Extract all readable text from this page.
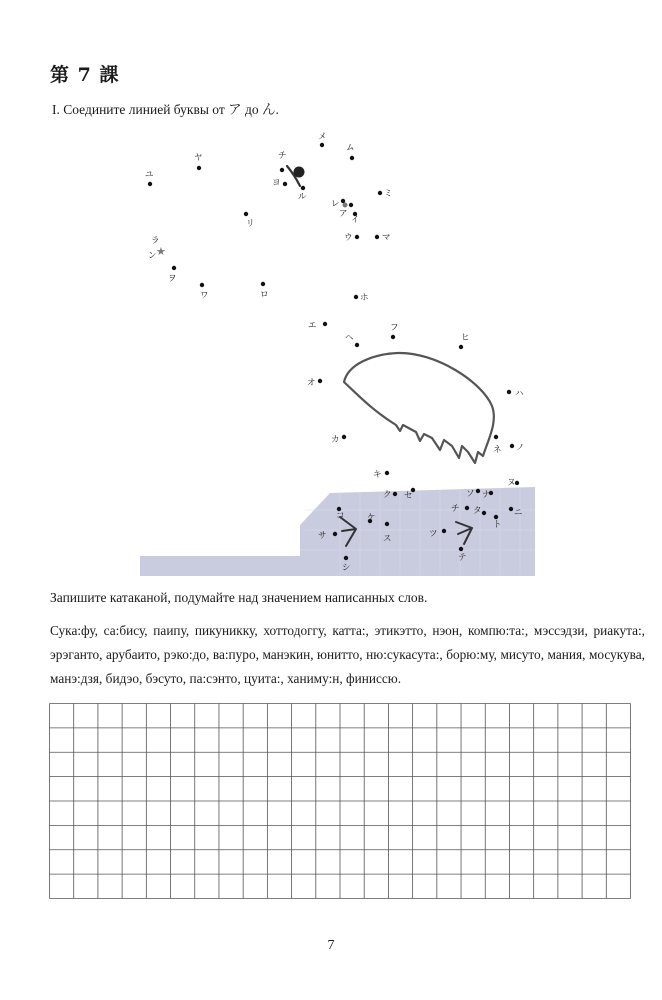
第 7 課
I. Соедините линией буквы от ア до ん.
★
メ
ム
ユ
ヤ	チ
ヨ
ル	ミ
レ
ア
イ
リ
ウ	マ
ラ
ン
ヲ
ワ	ロ	ホ
エ	フ
ヘ	ヒ
オ
ハ
カ
ネ ノ
キ
ヌ
ク セ	ソ ナ
チ タ
ト
ニ
コ	ケ
ス	ツ
テ
サ
シ
Запишите катаканой, подумайте над значением написанных слов.
Сука:фу, са:бису, паипу, пикуникку, хоттодоггу, катта:, этикэтто, нэон, компю:та:, мэссэдзи, риакута:, эрэганто, арубаито, рэко:до, ва:пуро, манэкин, юнитто, ню:сукасута:, борю:му, мисуто, мания, мосукува, манэ:дзя, бидэо, бэсуто, па:сэнто, цуита:, ханиму:н, финиссю.
7
